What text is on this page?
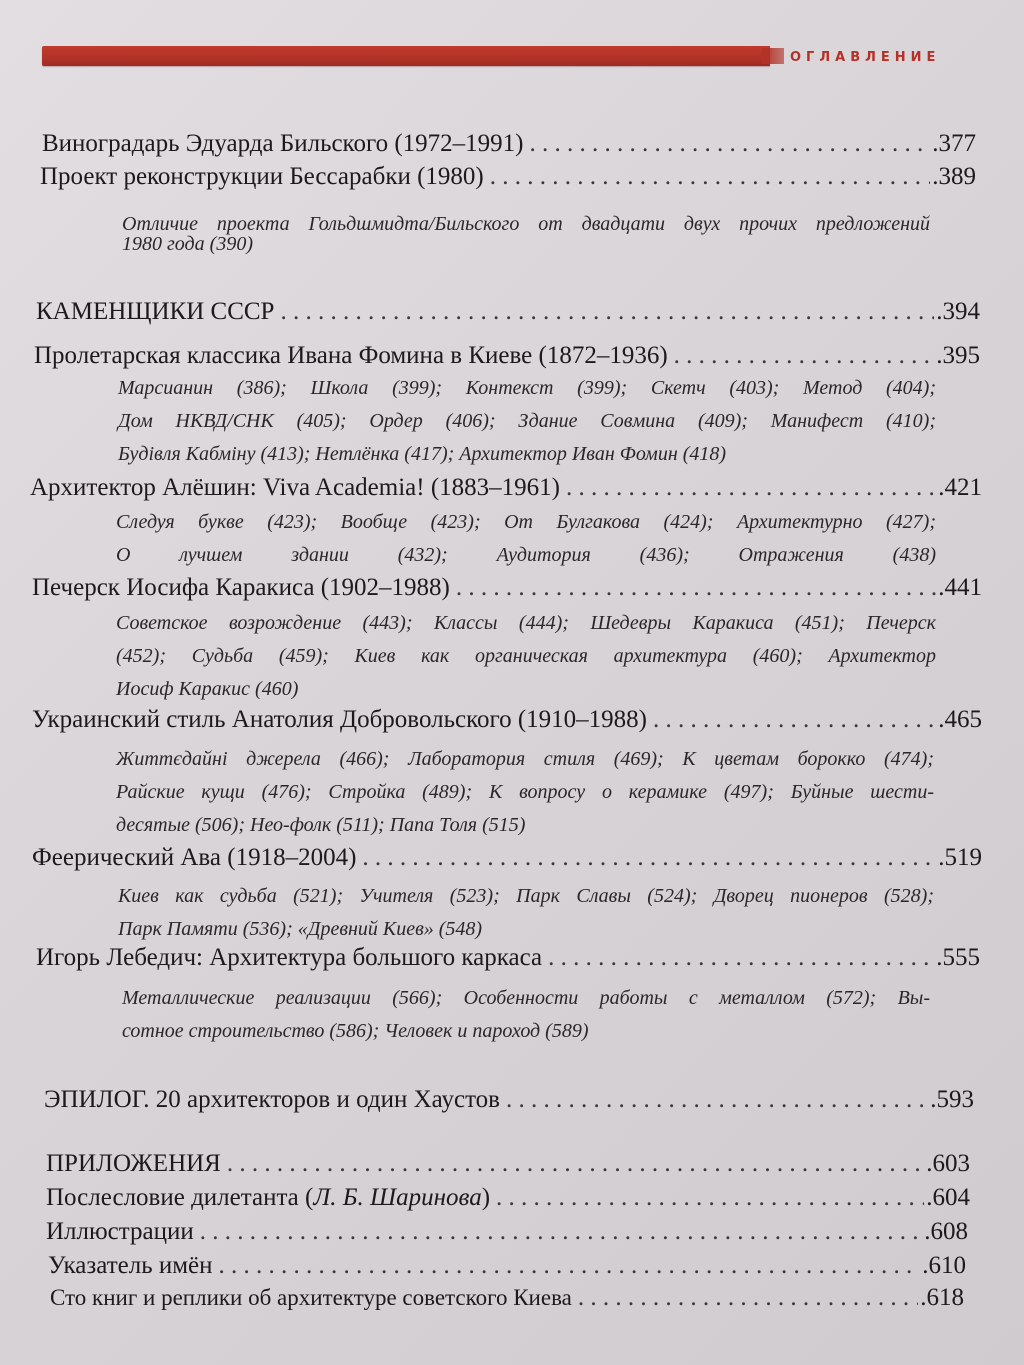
ОГЛАВЛЕНИЕ
Виноградарь Эдуарда Бильского (1972–1991) . . .	.377
Проект реконструкции Бессарабки (1980) . . .	.389
Отличие проекта Гольдшмидта/Бильского от двадцати двух прочих предложений
1980 года (390)
КАМЕНЩИКИ СССР . . .	.394
Пролетарская классика Ивана Фомина в Киеве (1872–1936) . . .	.395
Марсианин (386); Школа (399); Контекст (399); Скетч (403); Метод (404);
Дом НКВД/СНК (405); Ордер (406); Здание Совмина (409); Манифест (410);
Будівля Кабміну (413); Нетлёнка (417); Архитектор Иван Фомин (418)
Архитектор Алёшин: Viva Academia! (1883–1961) . . .	.421
Следуя букве (423); Вообще (423); От Булгакова (424); Архитектурно (427);
О лучшем здании (432); Аудитория (436); Отражения (438)
Печерск Иосифа Каракиса (1902–1988) . . .	.441
Советское возрождение (443); Классы (444); Шедевры Каракиса (451); Печерск
(452); Судьба (459); Киев как органическая архитектура (460); Архитектор
Иосиф Каракис (460)
Украинский стиль Анатолия Добровольского (1910–1988) . . .	.465
Життєдайні джерела (466); Лаборатория стиля (469); К цветам борокко (474);
Райские кущи (476); Стройка (489); К вопросу о керамике (497); Буйные шести-
десятые (506); Нео-фолк (511); Папа Толя (515)
Феерический Ава (1918–2004) . . .	.519
Киев как судьба (521); Учителя (523); Парк Славы (524); Дворец пионеров (528);
Парк Памяти (536); «Древний Киев» (548)
Игорь Лебедич: Архитектура большого каркаса . . .	.555
Металлические реализации (566); Особенности работы с металлом (572); Вы-
сотное строительство (586); Человек и пароход (589)
ЭПИЛОГ. 20 архитекторов и один Хаустов . . .	.593
ПРИЛОЖЕНИЯ . . .	.603
Послесловие дилетанта (Л. Б. Шаринова) . . .	.604
Иллюстрации . . .	.608
Указатель имён . . .	.610
Сто книг и реплики об архитектуре советского Киева . . .	.618
